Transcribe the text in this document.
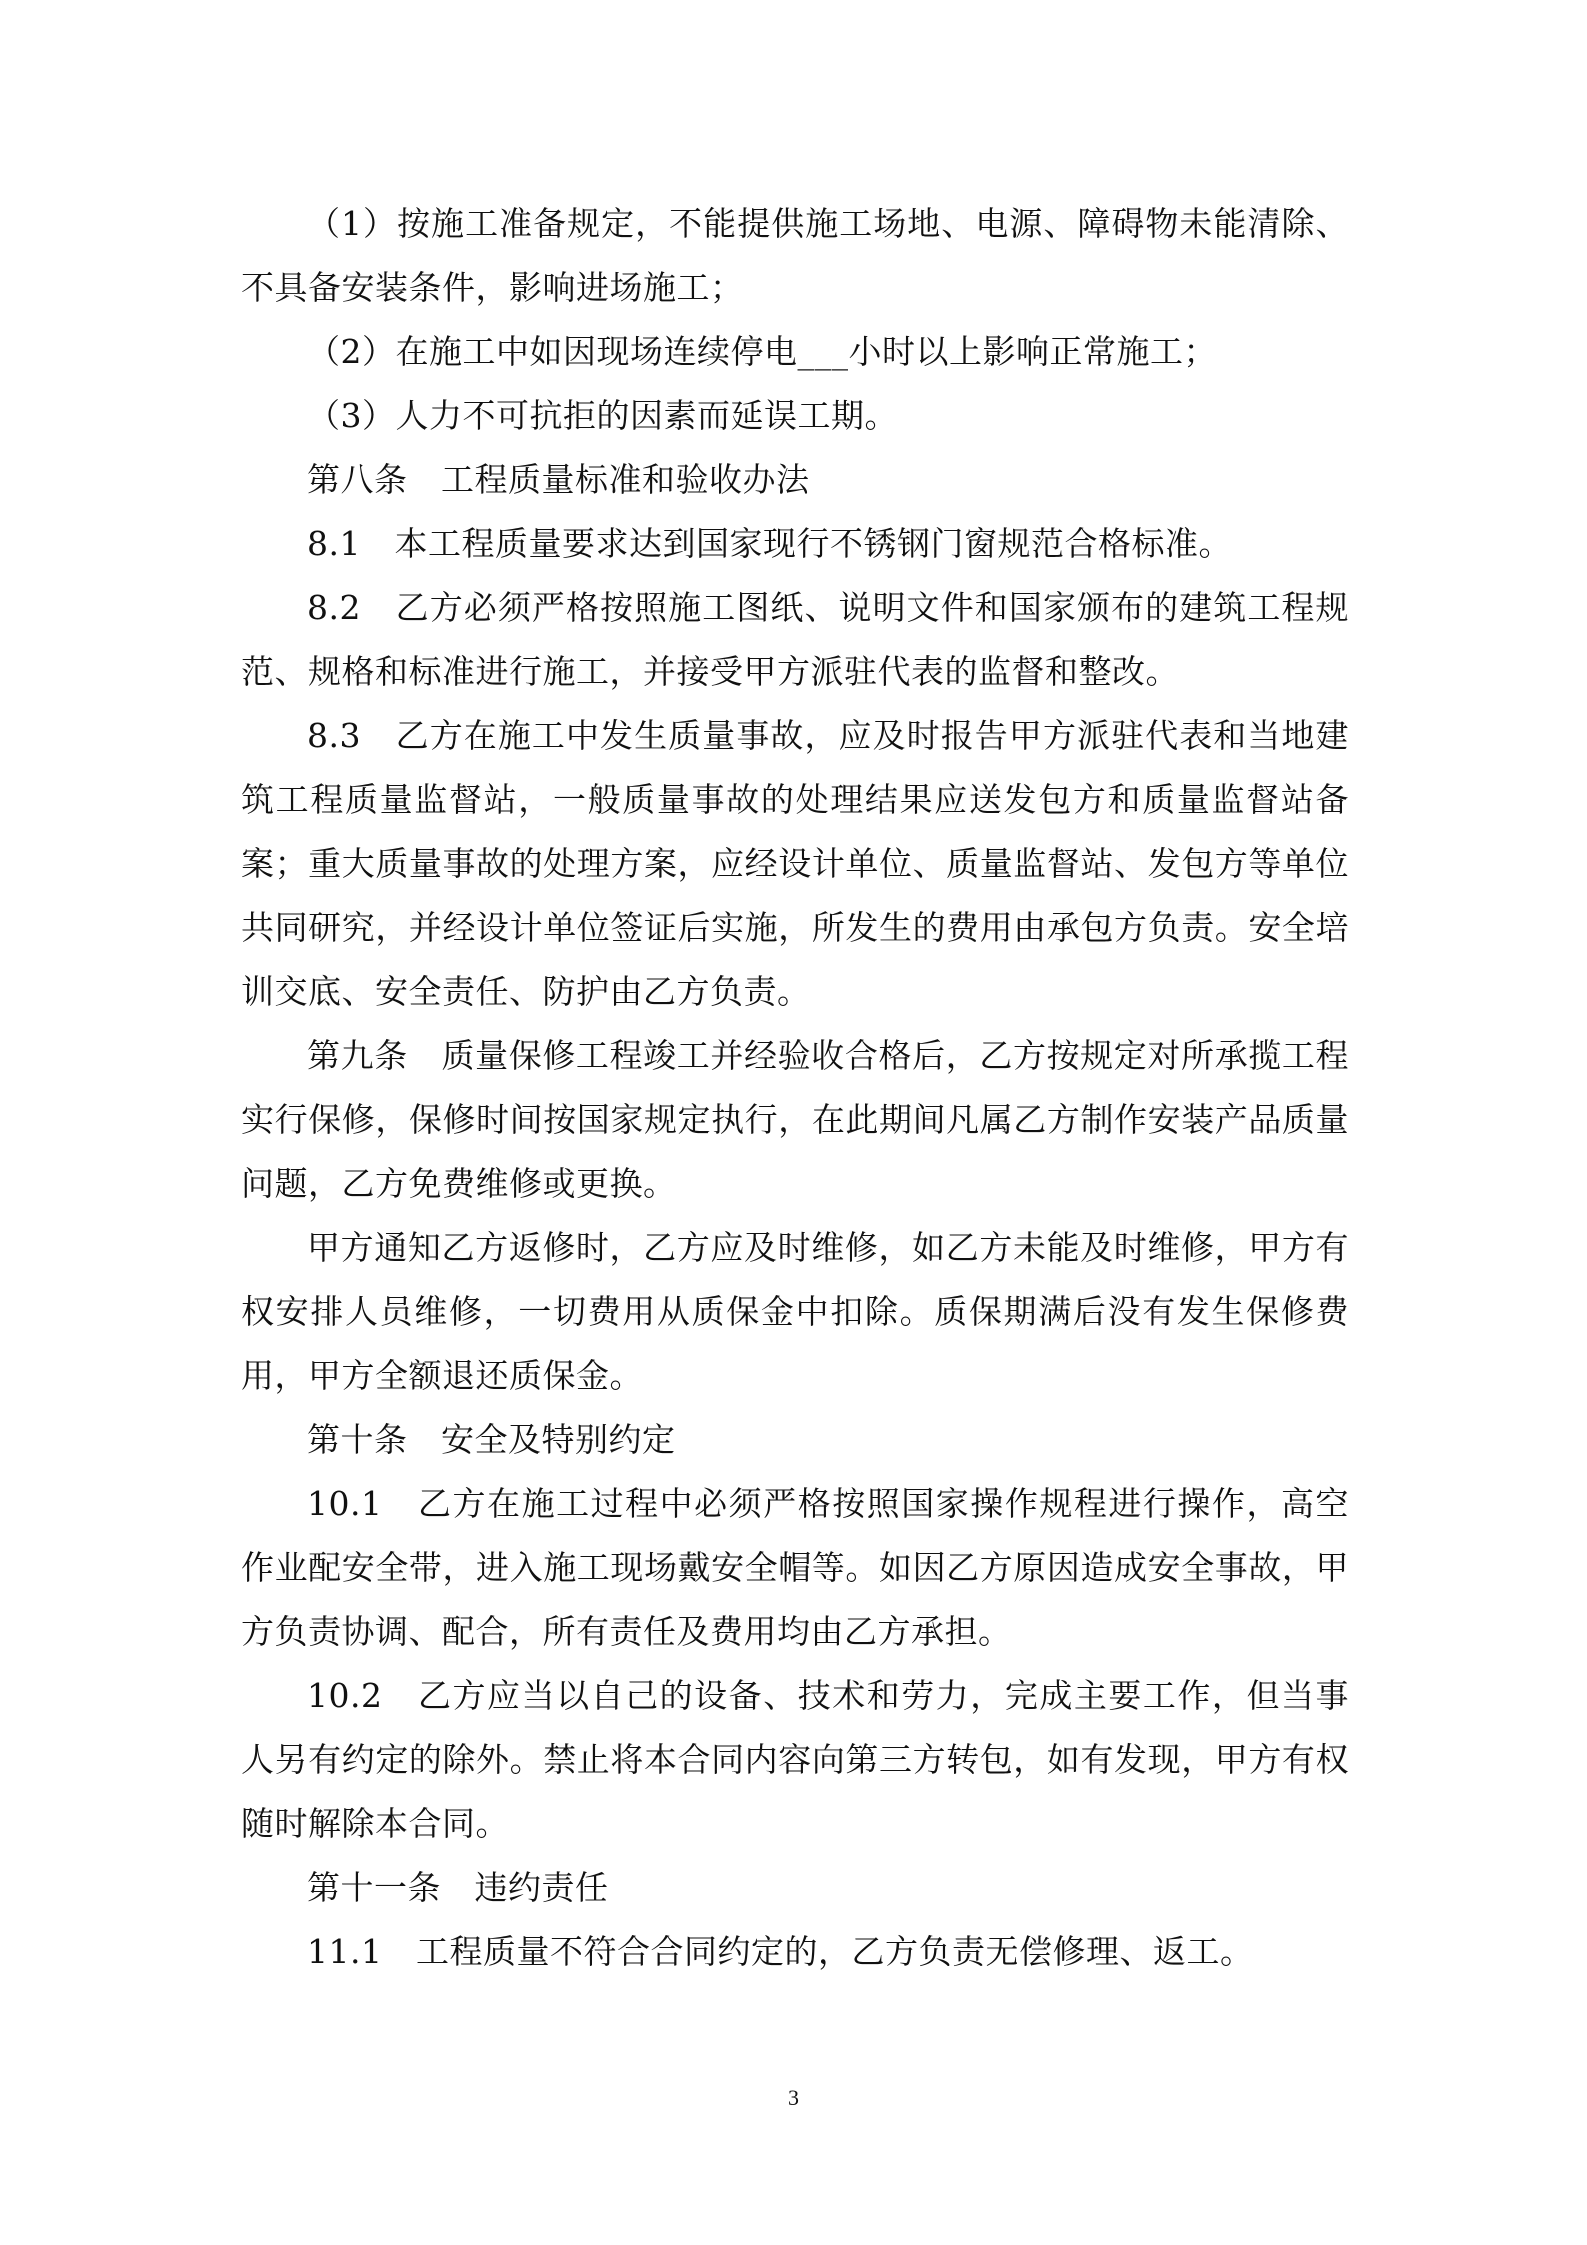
（1）按施工准备规定，不能提供施工场地、电源、障碍物未能清除、不具备安装条件，影响进场施工；

（2）在施工中如因现场连续停电___小时以上影响正常施工；

（3）人力不可抗拒的因素而延误工期。

第八条　工程质量标准和验收办法

8.1　本工程质量要求达到国家现行不锈钢门窗规范合格标准。

8.2　乙方必须严格按照施工图纸、说明文件和国家颁布的建筑工程规范、规格和标准进行施工，并接受甲方派驻代表的监督和整改。

8.3　乙方在施工中发生质量事故，应及时报告甲方派驻代表和当地建筑工程质量监督站，一般质量事故的处理结果应送发包方和质量监督站备案；重大质量事故的处理方案，应经设计单位、质量监督站、发包方等单位共同研究，并经设计单位签证后实施，所发生的费用由承包方负责。安全培训交底、安全责任、防护由乙方负责。

第九条　质量保修工程竣工并经验收合格后，乙方按规定对所承揽工程实行保修，保修时间按国家规定执行，在此期间凡属乙方制作安装产品质量问题，乙方免费维修或更换。

甲方通知乙方返修时，乙方应及时维修，如乙方未能及时维修，甲方有权安排人员维修，一切费用从质保金中扣除。质保期满后没有发生保修费用，甲方全额退还质保金。

第十条　安全及特别约定

10.1　乙方在施工过程中必须严格按照国家操作规程进行操作，高空作业配安全带，进入施工现场戴安全帽等。如因乙方原因造成安全事故，甲方负责协调、配合，所有责任及费用均由乙方承担。

10.2　乙方应当以自己的设备、技术和劳力，完成主要工作，但当事人另有约定的除外。禁止将本合同内容向第三方转包，如有发现，甲方有权随时解除本合同。

第十一条　违约责任

11.1　工程质量不符合合同约定的，乙方负责无偿修理、返工。

3
